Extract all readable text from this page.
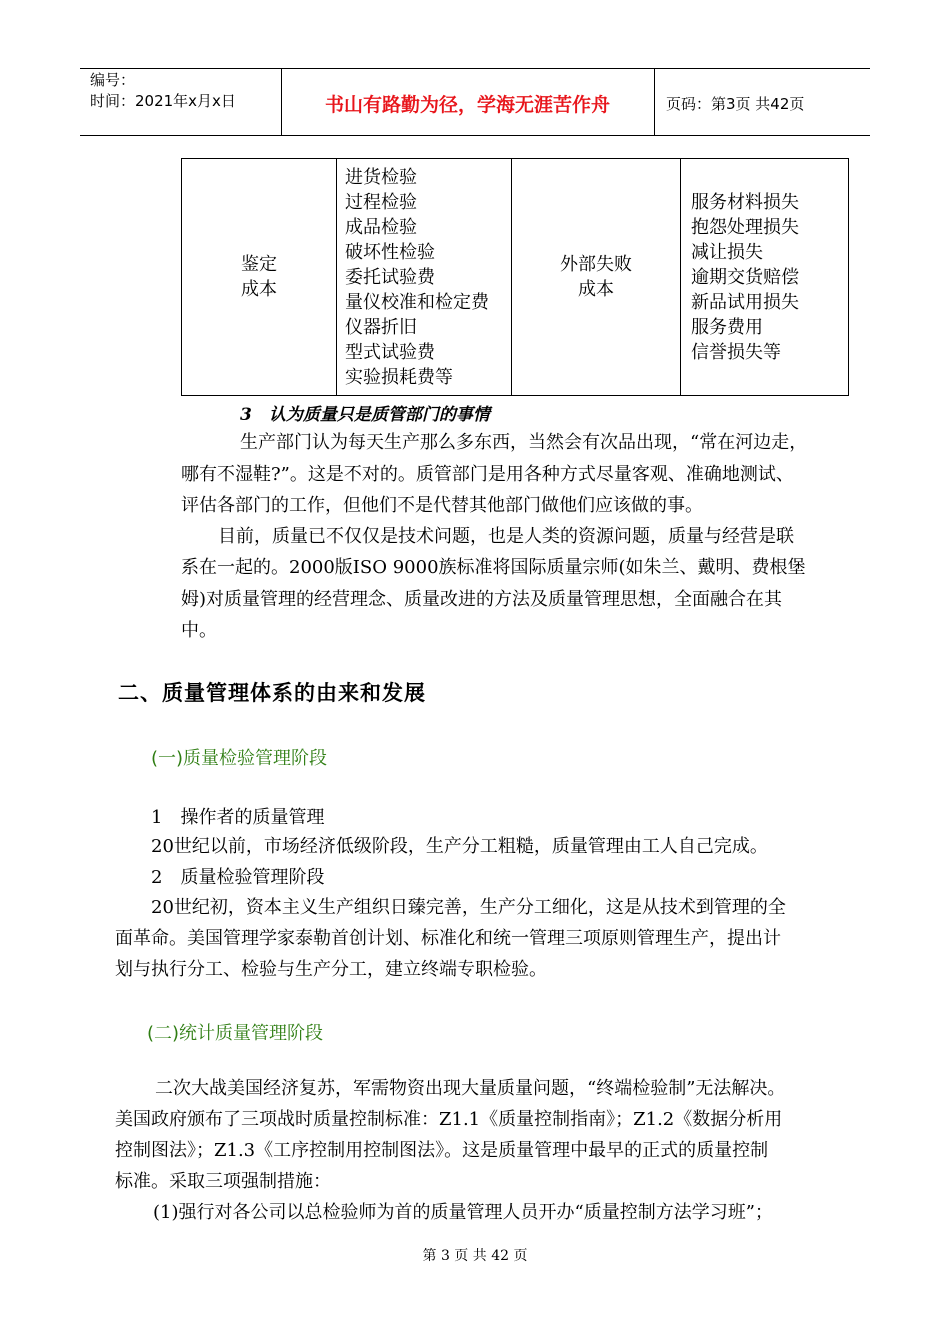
编号：
时间：2021年x月x日	书山有路勤为径，学海无涯苦作舟	页码：第3页 共42页
鉴定
成本

进货检验
过程检验
成品检验
破坏性检验
委托试验费
量仪校准和检定费
仪器折旧
型式试验费
实验损耗费等

外部失败
成本

服务材料损失
抱怨处理损失
减让损失
逾期交货赔偿
新品试用损失
服务费用
信誉损失等
3　认为质量只是质管部门的事情
生产部门认为每天生产那么多东西，当然会有次品出现，“常在河边走，
哪有不湿鞋?”。这是不对的。质管部门是用各种方式尽量客观、准确地测试、
评估各部门的工作，但他们不是代替其他部门做他们应该做的事。
目前，质量已不仅仅是技术问题，也是人类的资源问题，质量与经营是联
系在一起的。2000版ISO 9000族标准将国际质量宗师(如朱兰、戴明、费根堡
姆)对质量管理的经营理念、质量改进的方法及质量管理思想，全面融合在其
中。
二、质量管理体系的由来和发展
(一)质量检验管理阶段
1　操作者的质量管理
20世纪以前，市场经济低级阶段，生产分工粗糙，质量管理由工人自己完成。
2　质量检验管理阶段
20世纪初，资本主义生产组织日臻完善，生产分工细化，这是从技术到管理的全
面革命。美国管理学家泰勒首创计划、标准化和统一管理三项原则管理生产，提出计
划与执行分工、检验与生产分工，建立终端专职检验。
(二)统计质量管理阶段
二次大战美国经济复苏，军需物资出现大量质量问题，“终端检验制”无法解决。
美国政府颁布了三项战时质量控制标准：Z1.1《质量控制指南》；Z1.2《数据分析用
控制图法》；Z1.3《工序控制用控制图法》。这是质量管理中最早的正式的质量控制
标准。采取三项强制措施：
(1)强行对各公司以总检验师为首的质量管理人员开办“质量控制方法学习班”；
第 3 页 共 42 页
